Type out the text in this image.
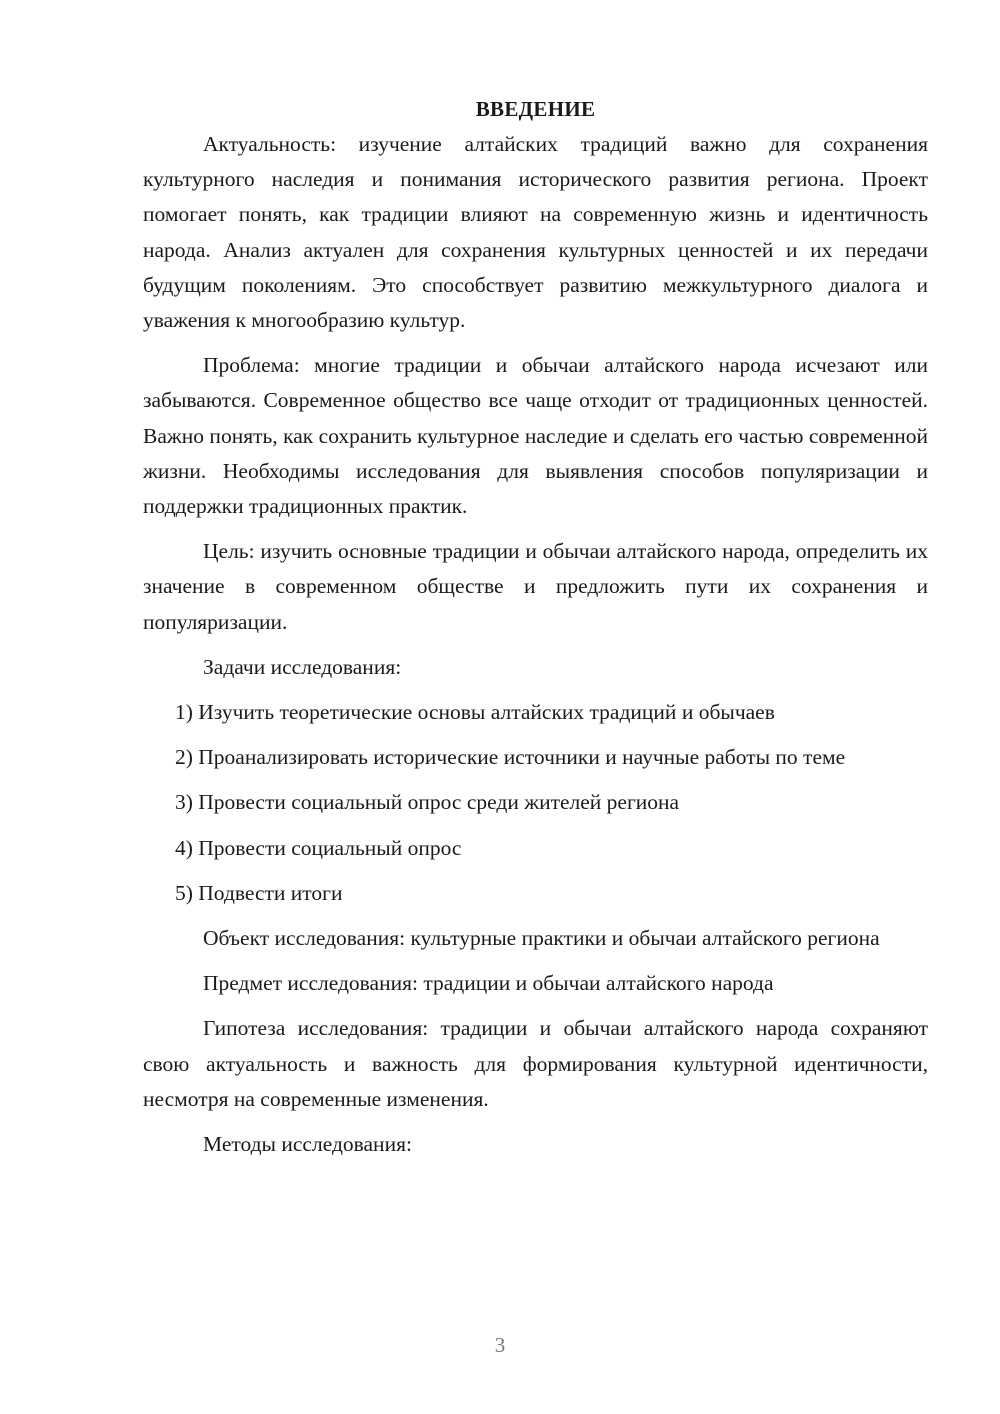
ВВЕДЕНИЕ

Актуальность: изучение алтайских традиций важно для сохранения культурного наследия и понимания исторического развития региона. Проект помогает понять, как традиции влияют на современную жизнь и идентичность народа. Анализ актуален для сохранения культурных ценностей и их передачи будущим поколениям. Это способствует развитию межкультурного диалога и уважения к многообразию культур.

Проблема: многие традиции и обычаи алтайского народа исчезают или забываются. Современное общество все чаще отходит от традиционных ценностей. Важно понять, как сохранить культурное наследие и сделать его частью современной жизни. Необходимы исследования для выявления способов популяризации и поддержки традиционных практик.

Цель: изучить основные традиции и обычаи алтайского народа, определить их значение в современном обществе и предложить пути их сохранения и популяризации.

Задачи исследования:

1) Изучить теоретические основы алтайских традиций и обычаев

2) Проанализировать исторические источники и научные работы по теме

3) Провести социальный опрос среди жителей региона

4) Провести социальный опрос

5) Подвести итоги

Объект исследования: культурные практики и обычаи алтайского региона

Предмет исследования: традиции и обычаи алтайского народа

Гипотеза исследования: традиции и обычаи алтайского народа сохраняют свою актуальность и важность для формирования культурной идентичности, несмотря на современные изменения.

Методы исследования:

3
